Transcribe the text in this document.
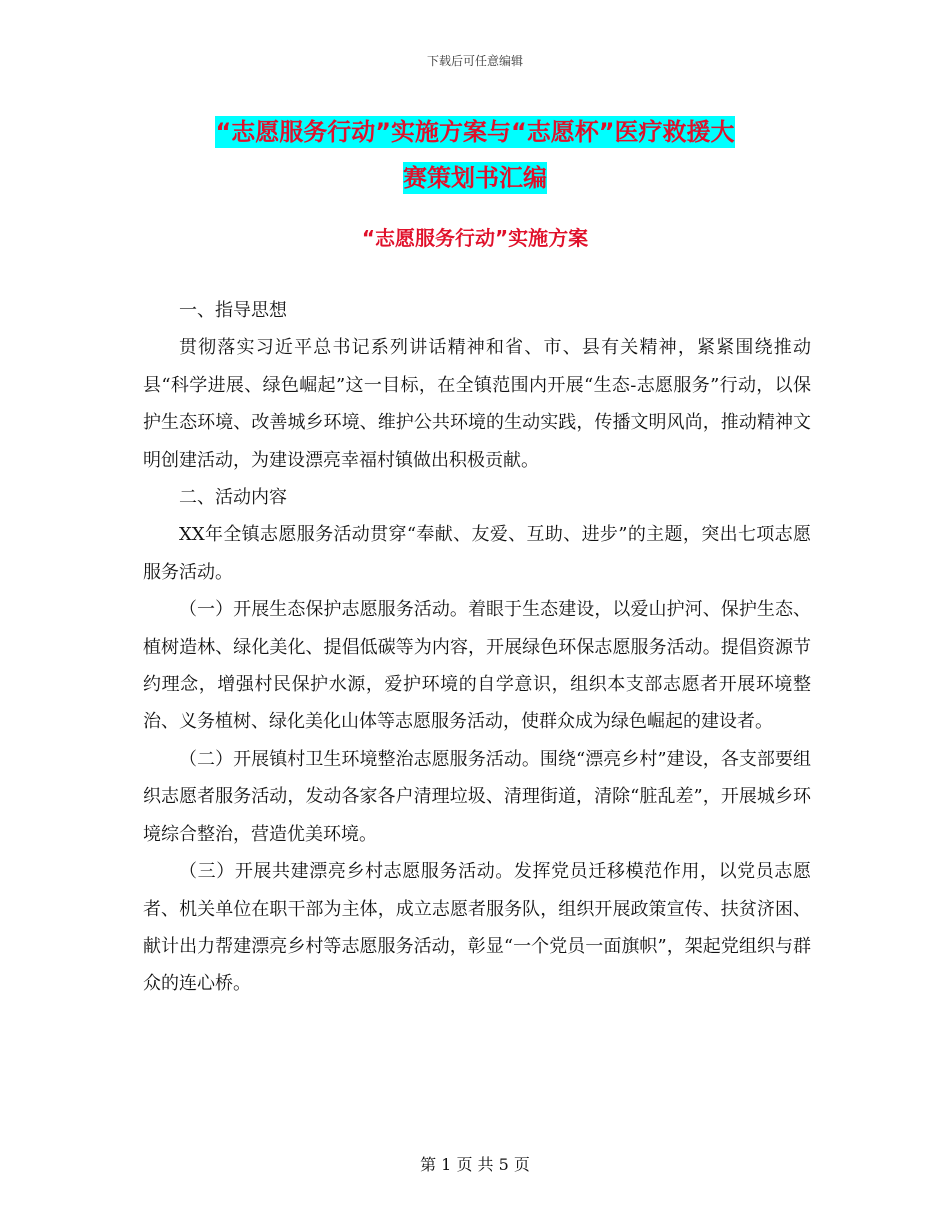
下载后可任意编辑
“志愿服务行动”实施方案与“志愿杯”医疗救援大
赛策划书汇编
“志愿服务行动”实施方案

一、指导思想

贯彻落实习近平总书记系列讲话精神和省、市、县有关精神，紧紧围绕推动县“科学进展、绿色崛起”这一目标，在全镇范围内开展“生态-志愿服务”行动，以保护生态环境、改善城乡环境、维护公共环境的生动实践，传播文明风尚，推动精神文明创建活动，为建设漂亮幸福村镇做出积极贡献。

二、活动内容

XX年全镇志愿服务活动贯穿“奉献、友爱、互助、进步”的主题，突出七项志愿服务活动。

（一）开展生态保护志愿服务活动。着眼于生态建设，以爱山护河、保护生态、植树造林、绿化美化、提倡低碳等为内容，开展绿色环保志愿服务活动。提倡资源节约理念，增强村民保护水源，爱护环境的自学意识，组织本支部志愿者开展环境整治、义务植树、绿化美化山体等志愿服务活动，使群众成为绿色崛起的建设者。

（二）开展镇村卫生环境整治志愿服务活动。围绕“漂亮乡村”建设，各支部要组织志愿者服务活动，发动各家各户清理垃圾、清理街道，清除“脏乱差”，开展城乡环境综合整治，营造优美环境。

（三）开展共建漂亮乡村志愿服务活动。发挥党员迁移模范作用，以党员志愿者、机关单位在职干部为主体，成立志愿者服务队，组织开展政策宣传、扶贫济困、献计出力帮建漂亮乡村等志愿服务活动，彰显“一个党员一面旗帜”，架起党组织与群众的连心桥。

第 1 页 共 5 页
